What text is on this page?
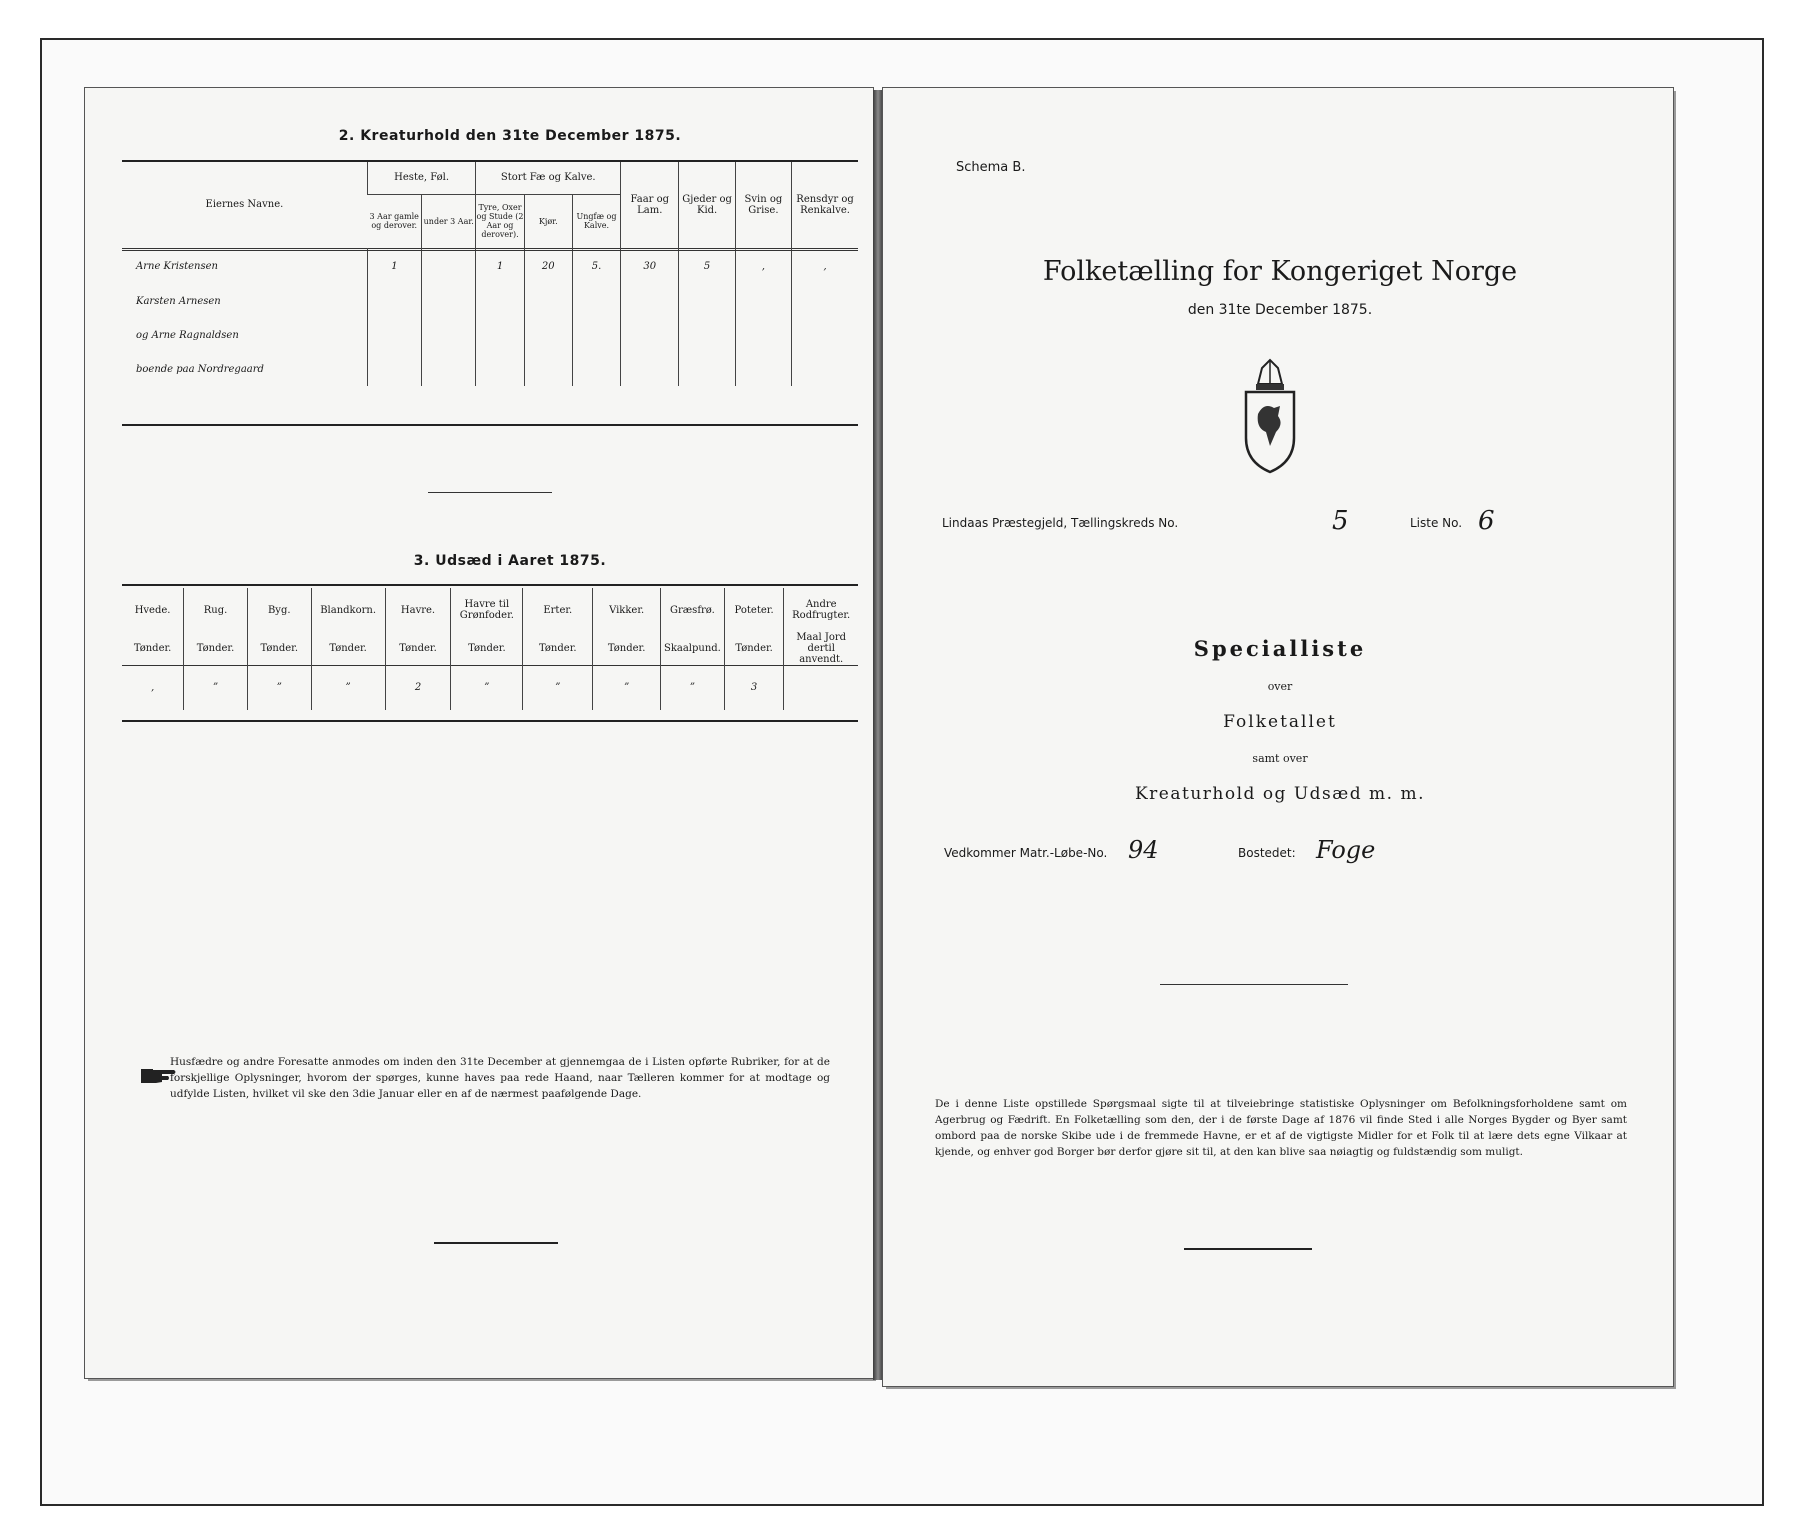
2. Kreaturhold den 31te December 1875.
Eiernes Navne.	Heste, Føl.		Stort Fæ og Kalve.			Faar og Lam.	Gjeder og Kid.	Svin og Grise.	Rensdyr og Renkalve.
	3 Aar gamle og derover.	under 3 Aar.	Tyre, Oxer og Stude (2 Aar og derover).	Kjør.	Ungfæ og Kalve.				
Arne Kristensen	1		1	20	5.	30	5	‚	‚
Karsten Arnesen									
og Arne Ragnaldsen									
boende paa Nordregaard									
3. Udsæd i Aaret 1875.
Hvede.	Rug.	Byg.	Blandkorn.	Havre.	Havre til Grønfoder.	Erter.	Vikker.	Græsfrø.	Poteter.	Andre Rodfrugter.
Tønder.	Tønder.	Tønder.	Tønder.	Tønder.	Tønder.	Tønder.	Tønder.	Skaalpund.	Tønder.	Maal Jord dertil anvendt.
‚	”	”	”	2	”	”	”	”	3	
Husfædre og andre Foresatte anmodes om inden den 31te December at gjennemgaa de i Listen opførte Rubriker, for at de forskjellige Oplysninger, hvorom der spørges, kunne haves paa rede Haand, naar Tælleren kommer for at modtage og udfylde Listen, hvilket vil ske den 3die Januar eller en af de nærmest paafølgende Dage.
Schema B.
Folketælling for Kongeriget Norge
den 31te December 1875.
Lindaas Præstegjeld, Tællingskreds No.	5	Liste No. 6
Specialliste
over
Folketallet
samt over
Kreaturhold og Udsæd m. m.
Vedkommer Matr.-Løbe-No. 94	Bostedet: Foge
De i denne Liste opstillede Spørgsmaal sigte til at tilveiebringe statistiske Oplysninger om Befolkningsforholdene samt om Agerbrug og Fædrift. En Folketælling som den, der i de første Dage af 1876 vil finde Sted i alle Norges Bygder og Byer samt ombord paa de norske Skibe ude i de fremmede Havne, er et af de vigtigste Midler for et Folk til at lære dets egne Vilkaar at kjende, og enhver god Borger bør derfor gjøre sit til, at den kan blive saa nøiagtig og fuldstændig som muligt.
